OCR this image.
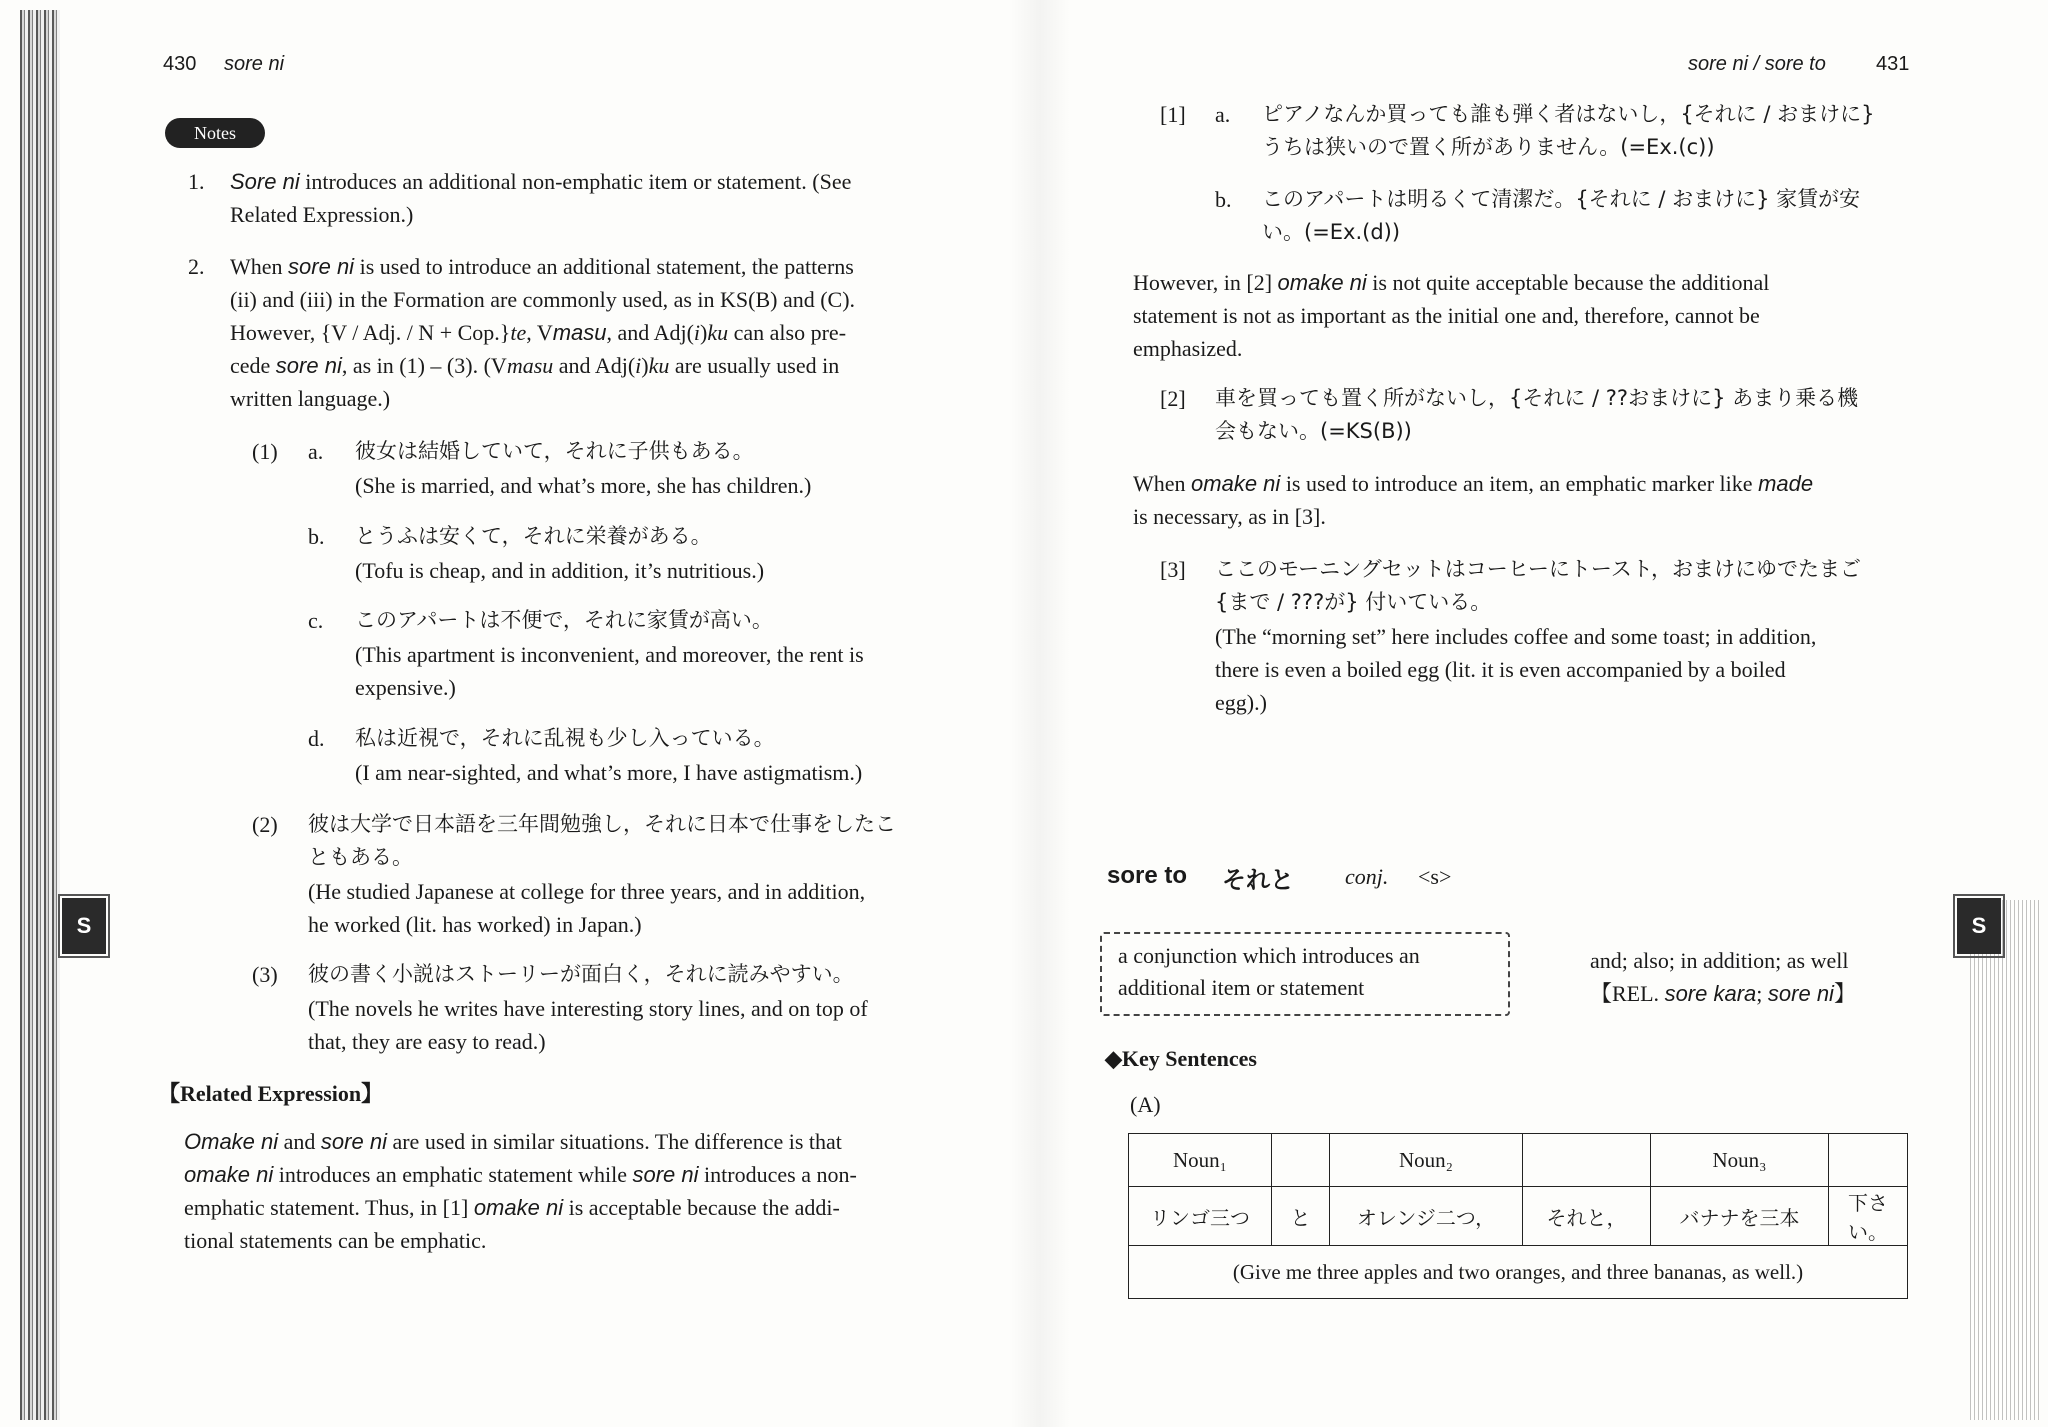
430 sore ni
Notes
1. Sore ni introduces an additional non-emphatic item or statement. (See
Related Expression.)
2. When sore ni is used to introduce an additional statement, the patterns
(ii) and (iii) in the Formation are commonly used, as in KS(B) and (C).
However, {V / Adj. / N + Cop.}te, Vmasu, and Adj(i)ku can also pre-
cede sore ni, as in (1) – (3). (Vmasu and Adj(i)ku are usually used in
written language.)
(1) a. 彼女は結婚していて，それに子供もある。
(She is married, and what’s more, she has children.)
b. とうふは安くて，それに栄養がある。
(Tofu is cheap, and in addition, it’s nutritious.)
c. このアパートは不便で，それに家賃が高い。
(This apartment is inconvenient, and moreover, the rent is
expensive.)
d. 私は近視で，それに乱視も少し入っている。
(I am near-sighted, and what’s more, I have astigmatism.)
(2) 彼は大学で日本語を三年間勉強し，それに日本で仕事をしたこ
ともある。
(He studied Japanese at college for three years, and in addition,
he worked (lit. has worked) in Japan.)
(3) 彼の書く小説はストーリーが面白く，それに読みやすい。
(The novels he writes have interesting story lines, and on top of
that, they are easy to read.)
【Related Expression】
Omake ni and sore ni are used in similar situations. The difference is that
omake ni introduces an emphatic statement while sore ni introduces a non-
emphatic statement. Thus, in [1] omake ni is acceptable because the addi-
tional statements can be emphatic.
S
sore ni / sore to	431
[1] a. ピアノなんか買っても誰も弾く者はないし，{それに / おまけに}
うちは狭いので置く所がありません。(=Ex.(c))
b. このアパートは明るくて清潔だ。{それに / おまけに} 家賃が安
い。(=Ex.(d))
However, in [2] omake ni is not quite acceptable because the additional
statement is not as important as the initial one and, therefore, cannot be
emphasized.
[2] 車を買っても置く所がないし，{それに / ??おまけに} あまり乗る機
会もない。(=KS(B))
When omake ni is used to introduce an item, an emphatic marker like made
is necessary, as in [3].
[3] ここのモーニングセットはコーヒーにトースト，おまけにゆでたまご
{まで / ???が} 付いている。
(The “morning set” here includes coffee and some toast; in addition,
there is even a boiled egg (lit. it is even accompanied by a boiled
egg).)
sore to それと conj. <s>
a conjunction which introduces an
additional item or statement
and; also; in addition; as well
【REL. sore kara; sore ni】
◆Key Sentences
(A)
Noun₁		Noun₂		Noun₃	
リンゴ三つ	と	オレンジ二つ，	それと，	バナナを三本	下さい。
(Give me three apples and two oranges, and three bananas, as well.)					
S
